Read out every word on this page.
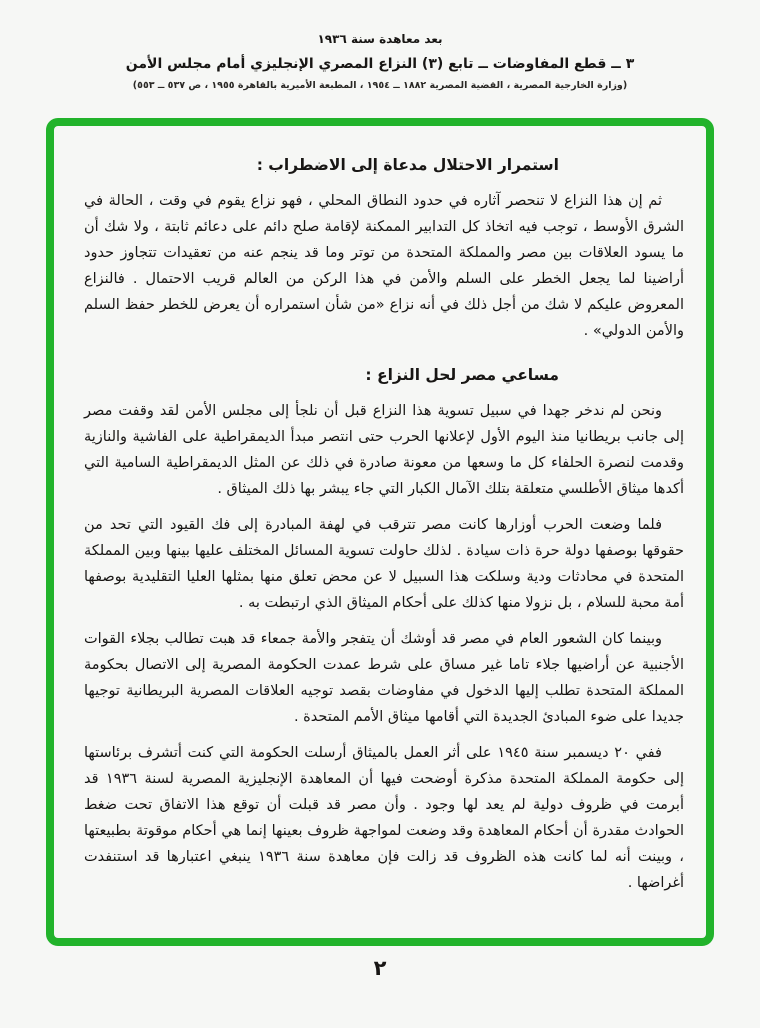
بعد معاهدة سنة ١٩٣٦
٣ ــ قطع المفاوضات ــ تابع (٣) النزاع المصري الإنجليزي أمام مجلس الأمن
(وزارة الخارجية المصرية ، القضية المصرية ١٨٨٢ ــ ١٩٥٤ ، المطبعة الأميرية بالقاهرة ١٩٥٥ ، ص ٥٣٧ ــ ٥٥٣)
استمرار الاحتلال مدعاة إلى الاضطراب :

ثم إن هذا النزاع لا تنحصر آثاره في حدود النطاق المحلي ، فهو نزاع يقوم في وقت ، الحالة في الشرق الأوسط ، توجب فيه اتخاذ كل التدابير الممكنة لإقامة صلح دائم على دعائم ثابتة ، ولا شك أن ما يسود العلاقات بين مصر والمملكة المتحدة من توتر وما قد ينجم عنه من تعقيدات تتجاوز حدود أراضينا لما يجعل الخطر على السلم والأمن في هذا الركن من العالم قريب الاحتمال . فالنزاع المعروض عليكم لا شك من أجل ذلك في أنه نزاع «من شأن استمراره أن يعرض للخطر حفظ السلم والأمن الدولي» .

مساعي مصر لحل النزاع :

ونحن لم ندخر جهدا في سبيل تسوية هذا النزاع قبل أن نلجأ إلى مجلس الأمن لقد وقفت مصر إلى جانب بريطانيا منذ اليوم الأول لإعلانها الحرب حتى انتصر مبدأ الديمقراطية على الفاشية والنازية وقدمت لنصرة الحلفاء كل ما وسعها من معونة صادرة في ذلك عن المثل الديمقراطية السامية التي أكدها ميثاق الأطلسي متعلقة بتلك الآمال الكبار التي جاء يبشر بها ذلك الميثاق .

فلما وضعت الحرب أوزارها كانت مصر تترقب في لهفة المبادرة إلى فك القيود التي تحد من حقوقها بوصفها دولة حرة ذات سيادة . لذلك حاولت تسوية المسائل المختلف عليها بينها وبين المملكة المتحدة في محادثات ودية وسلكت هذا السبيل لا عن محض تعلق منها بمثلها العليا التقليدية بوصفها أمة محبة للسلام ، بل نزولا منها كذلك على أحكام الميثاق الذي ارتبطت به .

وبينما كان الشعور العام في مصر قد أوشك أن يتفجر والأمة جمعاء قد هبت تطالب بجلاء القوات الأجنبية عن أراضيها جلاء تاما غير مساق على شرط عمدت الحكومة المصرية إلى الاتصال بحكومة المملكة المتحدة تطلب إليها الدخول في مفاوضات بقصد توجيه العلاقات المصرية البريطانية توجيها جديدا على ضوء المبادئ الجديدة التي أقامها ميثاق الأمم المتحدة .

ففي ٢٠ ديسمبر سنة ١٩٤٥ على أثر العمل بالميثاق أرسلت الحكومة التي كنت أتشرف برئاستها إلى حكومة المملكة المتحدة مذكرة أوضحت فيها أن المعاهدة الإنجليزية المصرية لسنة ١٩٣٦ قد أبرمت في ظروف دولية لم يعد لها وجود . وأن مصر قد قبلت أن توقع هذا الاتفاق تحت ضغط الحوادث مقدرة أن أحكام المعاهدة وقد وضعت لمواجهة ظروف بعينها إنما هي أحكام موقوتة بطبيعتها ، وبينت أنه لما كانت هذه الظروف قد زالت فإن معاهدة سنة ١٩٣٦ ينبغي اعتبارها قد استنفدت أغراضها .

٢
